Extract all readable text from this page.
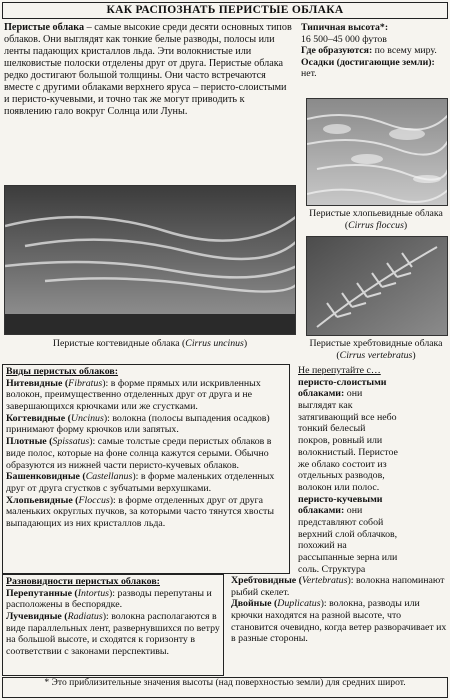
КАК РАСПОЗНАТЬ ПЕРИСТЫЕ ОБЛАКА

Перистые облака – самые высокие среди десяти основных типов облаков. Они выглядят как тонкие белые разводы, полосы или ленты падающих кристаллов льда. Эти волокнистые или шелковистые полоски отделены друг от друга. Перистые облака редко достигают большой толщины. Они часто встречаются вместе с другими облаками верхнего яруса – перисто-слоистыми и перисто-кучевыми, и точно так же могут приводить к появлению гало вокруг Солнца или Луны.

Типичная высота*:

16 500–45 000 футов

Где образуются: по всему миру.

Осадки (достигающие земли): нет.

Перистые хлопьевидные облака (Cirrus floccus)
Перистые когтевидные облака (Cirrus uncinus)	Перистые хребтовидные облака (Cirrus vertebratus)

Виды перистых облаков:

Нитевидные (Fibratus): в форме прямых или искривленных волокон, преимущественно отделенных друг от друга и не завершающихся крючками или же сгустками.

Когтевидные (Uncinus): волокна (полосы выпадения осадков) принимают форму крючков или запятых.

Плотные (Spissatus): самые толстые среди перистых облаков в виде полос, которые на фоне солнца кажутся серыми. Обычно образуются из нижней части перисто-кучевых облаков.

Башенковидные (Castellanus): в форме маленьких отделенных друг от друга сгустков с зубчатыми верхушками.

Хлопьевидные (Floccus): в форме отделенных друг от друга маленьких округлых пучков, за которыми часто тянутся хвосты выпадающих из них кристаллов льда.

Не перепутайте с…

перисто-слоистыми облаками: они выглядят как затягивающий все небо тонкий белесый покров, ровный или волокнистый. Перистое же облако состоит из отдельных разводов, волокон или полос.

перисто-кучевыми облаками: они представляют собой верхний слой облачков, похожий на рассыпанные зерна или соль. Структура

Разновидности перистых облаков:

Перепутанные (Intortus): разводы перепутаны и расположены в беспорядке.

Лучевидные (Radiatus): волокна располагаются в виде параллельных лент, развернувшихся по ветру на большой высоте, и сходятся к горизонту в соответствии с законами перспективы.

Хребтовидные (Vertebratus): волокна напоминают рыбий скелет.

Двойные (Duplicatus): волокна, разводы или крючки находятся на разной высоте, что становится очевидно, когда ветер разворачивает их в разные стороны.

* Это приблизительные значения высоты (над поверхностью земли) для средних широт.
